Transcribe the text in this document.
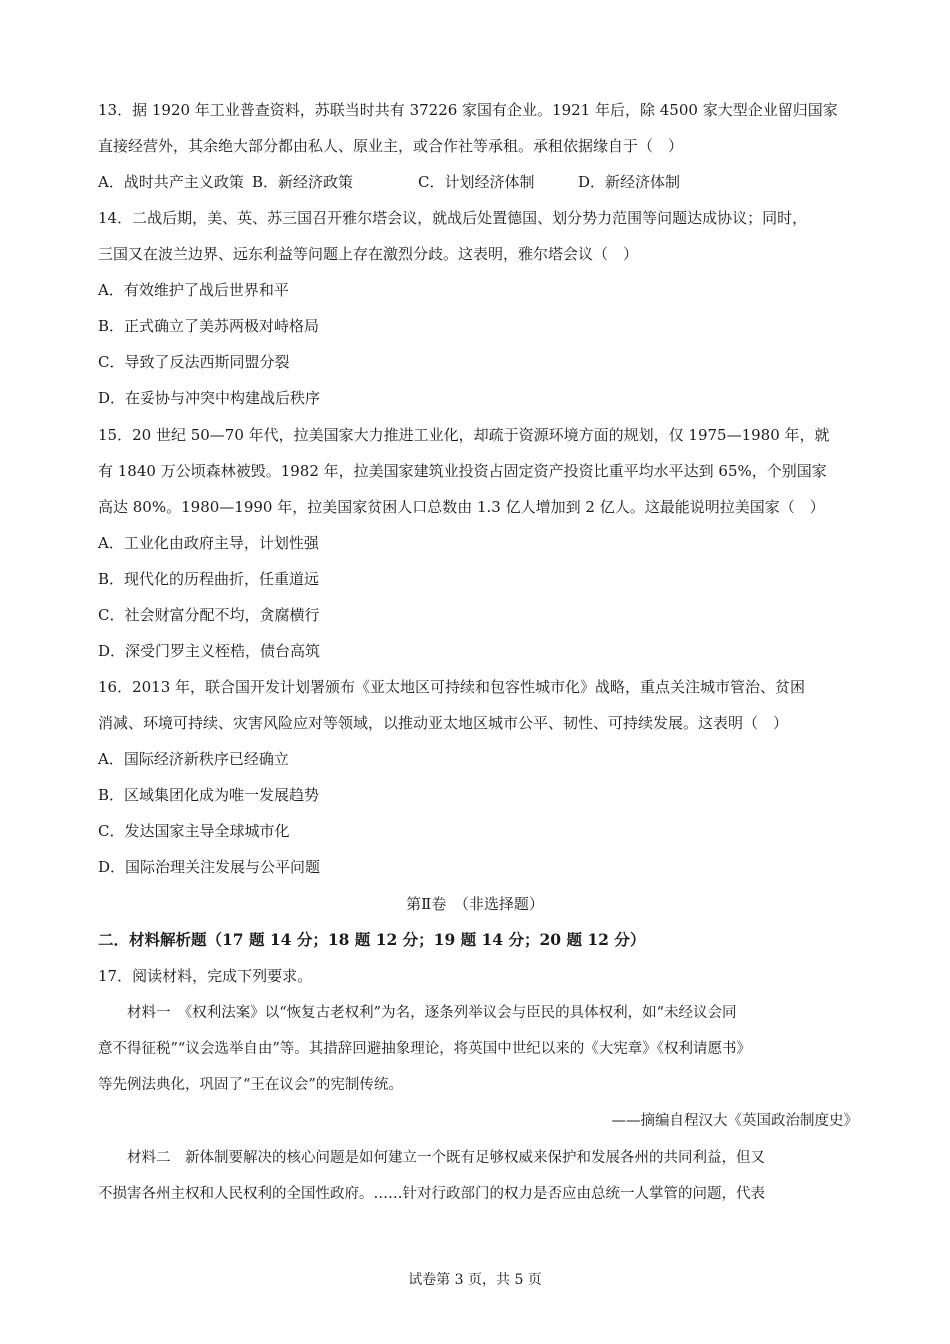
13．据 1920 年工业普查资料，苏联当时共有 37226 家国有企业。1921 年后，除 4500 家大型企业留归国家

直接经营外，其余绝大部分都由私人、原业主，或合作社等承租。承租依据缘自于（　）

A．战时共产主义政策 B．新经济政策	C．计划经济体制	D．新经济体制

14．二战后期，美、英、苏三国召开雅尔塔会议，就战后处置德国、划分势力范围等问题达成协议；同时，

三国又在波兰边界、远东利益等问题上存在激烈分歧。这表明，雅尔塔会议（　）

A．有效维护了战后世界和平

B．正式确立了美苏两极对峙格局

C．导致了反法西斯同盟分裂

D．在妥协与冲突中构建战后秩序

15．20 世纪 50—70 年代，拉美国家大力推进工业化，却疏于资源环境方面的规划，仅 1975—1980 年，就

有 1840 万公顷森林被毁。1982 年，拉美国家建筑业投资占固定资产投资比重平均水平达到 65%，个别国家

高达 80%。1980—1990 年，拉美国家贫困人口总数由 1.3 亿人增加到 2 亿人。这最能说明拉美国家（　）

A．工业化由政府主导，计划性强

B．现代化的历程曲折，任重道远

C．社会财富分配不均，贪腐横行

D．深受门罗主义桎梏，债台高筑

16．2013 年，联合国开发计划署颁布《亚太地区可持续和包容性城市化》战略，重点关注城市管治、贫困

消减、环境可持续、灾害风险应对等领域，以推动亚太地区城市公平、韧性、可持续发展。这表明（　）

A．国际经济新秩序已经确立

B．区域集团化成为唯一发展趋势

C．发达国家主导全球城市化

D．国际治理关注发展与公平问题

第Ⅱ卷　（非选择题）

二．材料解析题（17 题 14 分；18 题 12 分；19 题 14 分；20 题 12 分）

17．阅读材料，完成下列要求。

　　材料一　《权利法案》以“恢复古老权利”为名，逐条列举议会与臣民的具体权利，如“未经议会同

意不得征税”“议会选举自由”等。其措辞回避抽象理论，将英国中世纪以来的《大宪章》《权利请愿书》

等先例法典化，巩固了“王在议会”的宪制传统。

——摘编自程汉大《英国政治制度史》

　　材料二　新体制要解决的核心问题是如何建立一个既有足够权威来保护和发展各州的共同利益，但又

不损害各州主权和人民权利的全国性政府。……针对行政部门的权力是否应由总统一人掌管的问题，代表

试卷第 3 页，共 5 页
